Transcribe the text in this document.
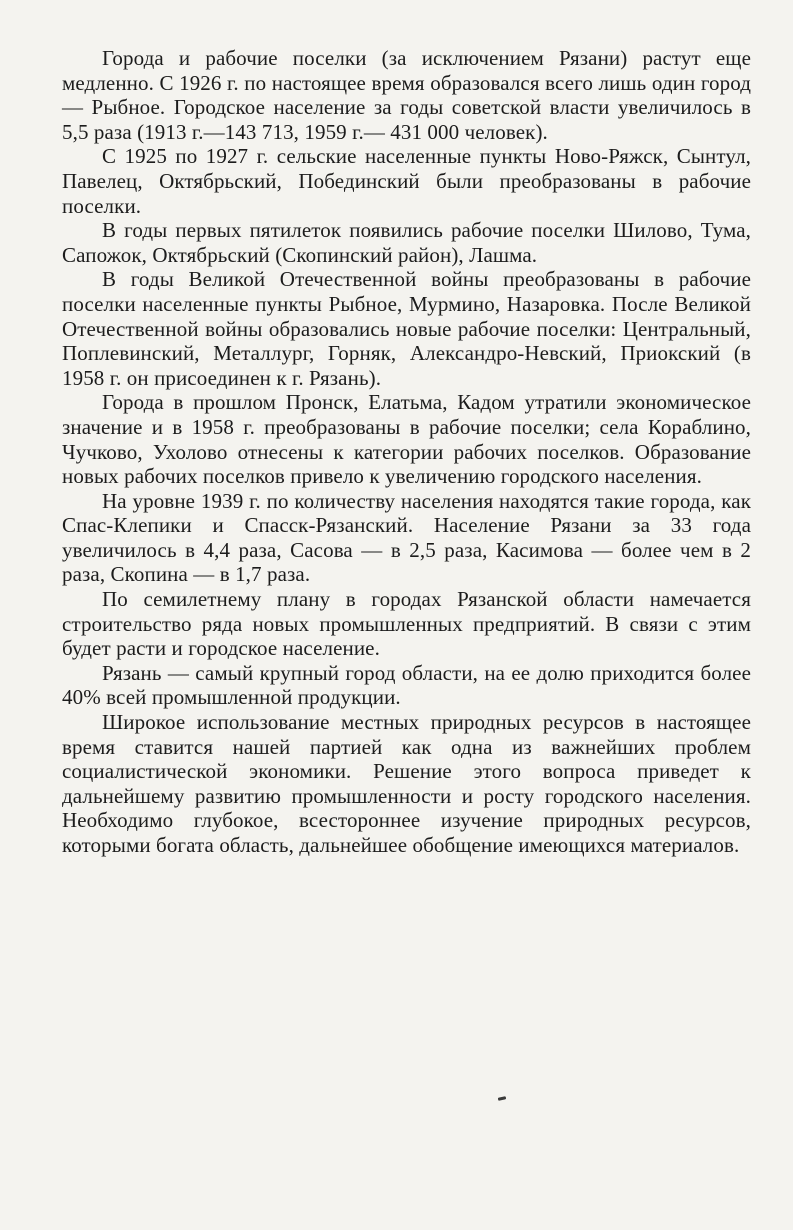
Города и рабочие поселки (за исключением Рязани) растут еще медленно. С 1926 г. по настоящее время образовался всего лишь один город — Рыбное. Городское население за годы советской власти увеличилось в 5,5 раза (1913 г.—143 713, 1959 г.— 431 000 человек).

С 1925 по 1927 г. сельские населенные пункты Ново-Ряжск, Сынтул, Павелец, Октябрьский, Побединский были преобразованы в рабочие поселки.

В годы первых пятилеток появились рабочие поселки Шилово, Тума, Сапожок, Октябрьский (Скопинский район), Лашма.

В годы Великой Отечественной войны преобразованы в рабочие поселки населенные пункты Рыбное, Мурмино, Назаровка. После Великой Отечественной войны образовались новые рабочие поселки: Центральный, Поплевинский, Металлург, Горняк, Александро-Невский, Приокский (в 1958 г. он присоединен к г. Рязань).

Города в прошлом Пронск, Елатьма, Кадом утратили экономическое значение и в 1958 г. преобразованы в рабочие поселки; села Кораблино, Чучково, Ухолово отнесены к категории рабочих поселков. Образование новых рабочих поселков привело к увеличению городского населения.

На уровне 1939 г. по количеству населения находятся такие города, как Спас-Клепики и Спасск-Рязанский. Население Рязани за 33 года увеличилось в 4,4 раза, Сасова — в 2,5 раза, Касимова — более чем в 2 раза, Скопина — в 1,7 раза.

По семилетнему плану в городах Рязанской области намечается строительство ряда новых промышленных предприятий. В связи с этим будет расти и городское население.

Рязань — самый крупный город области, на ее долю приходится более 40% всей промышленной продукции.

Широкое использование местных природных ресурсов в настоящее время ставится нашей партией как одна из важнейших проблем социалистической экономики. Решение этого вопроса приведет к дальнейшему развитию промышленности и росту городского населения. Необходимо глубокое, всестороннее изучение природных ресурсов, которыми богата область, дальнейшее обобщение имеющихся материалов.
